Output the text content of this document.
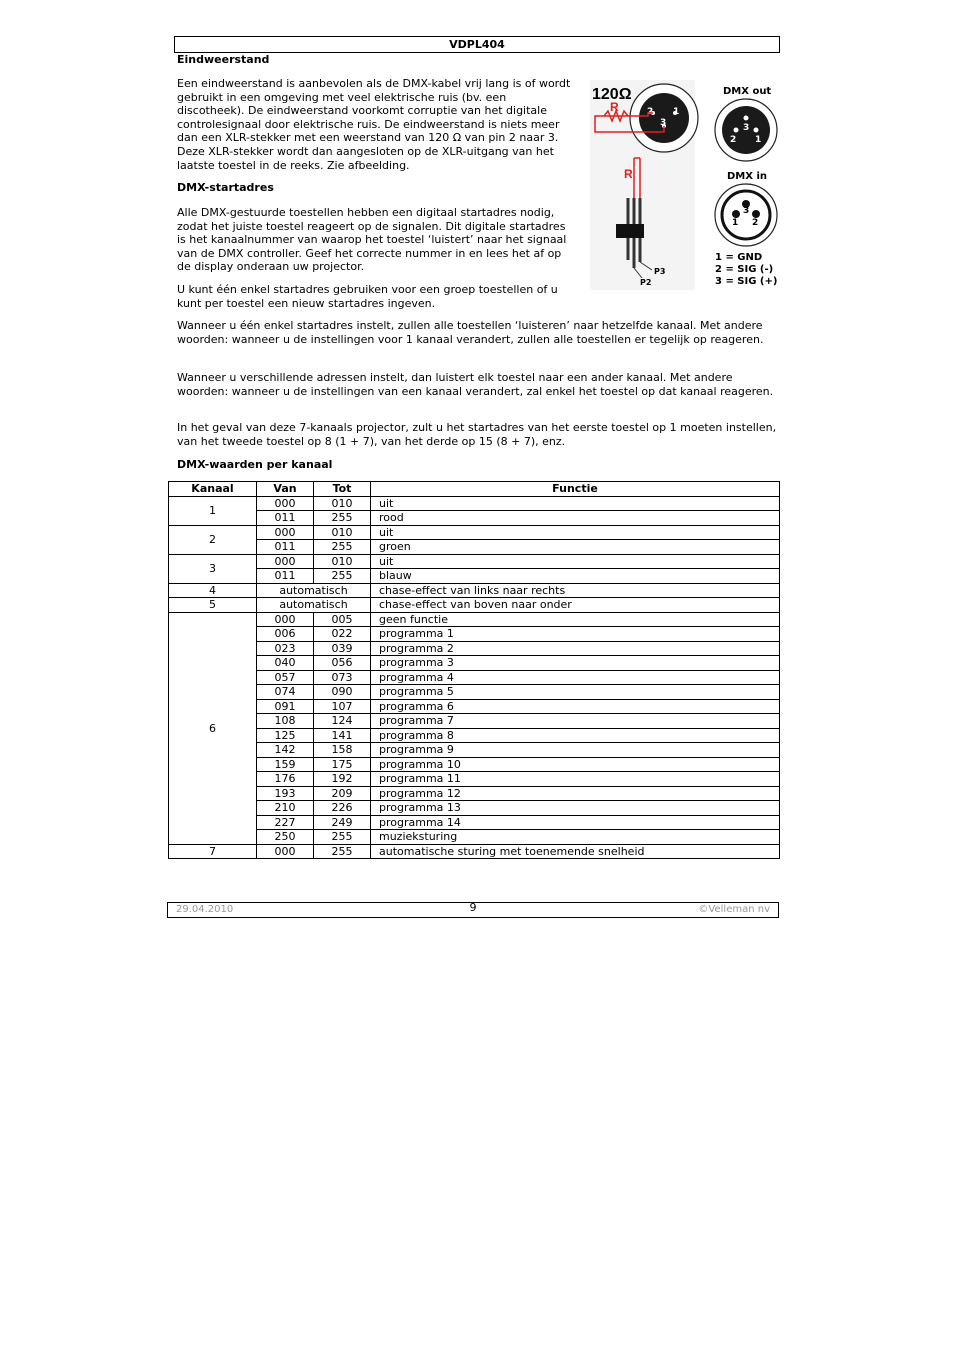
VDPL404
Eindweerstand

Een eindweerstand is aanbevolen als de DMX-kabel vrij lang is of wordt gebruikt in een omgeving met veel elektrische ruis (bv. een discotheek). De eindweerstand voorkomt corruptie van het digitale controlesignaal door elektrische ruis. De eindweerstand is niets meer dan een XLR-stekker met een weerstand van 120 Ω van pin 2 naar 3. Deze XLR-stekker wordt dan aangesloten op de XLR-uitgang van het laatste toestel in de reeks. Zie afbeelding.

DMX-startadres

Alle DMX-gestuurde toestellen hebben een digitaal startadres nodig, zodat het juiste toestel reageert op de signalen. Dit digitale startadres is het kanaalnummer van waarop het toestel ‘luistert’ naar het signaal van de DMX controller. Geef het correcte nummer in en lees het af op de display onderaan uw projector.

U kunt één enkel startadres gebruiken voor een groep toestellen of u kunt per toestel een nieuw startadres ingeven.

Wanneer u één enkel startadres instelt, zullen alle toestellen ‘luisteren’ naar hetzelfde kanaal. Met andere woorden: wanneer u de instellingen voor 1 kanaal verandert, zullen alle toestellen er tegelijk op reageren.

Wanneer u verschillende adressen instelt, dan luistert elk toestel naar een ander kanaal. Met andere woorden: wanneer u de instellingen van een kanaal verandert, zal enkel het toestel op dat kanaal reageren.

In het geval van deze 7-kanaals projector, zult u het startadres van het eerste toestel op 1 moeten instellen, van het tweede toestel op 8 (1 + 7), van het derde op 15 (8 + 7), enz.

DMX-waarden per kanaal
120Ω
R	2 1
3
R
P3
P2
DMX out
3
2 1
DMX in
3
1 2
1 = GND
2 = SIG (-)
3 = SIG (+)
Kanaal	Van	Tot	Functie
1	000	010	uit
	011	255	rood
2	000	010	uit
	011	255	groen
3	000	010	uit
	011	255	blauw
4	automatisch		chase-effect van links naar rechts
5	automatisch		chase-effect van boven naar onder
6	000	005	geen functie
	006	022	programma 1
	023	039	programma 2
	040	056	programma 3
	057	073	programma 4
	074	090	programma 5
	091	107	programma 6
	108	124	programma 7
	125	141	programma 8
	142	158	programma 9
	159	175	programma 10
	176	192	programma 11
	193	209	programma 12
	210	226	programma 13
	227	249	programma 14
	250	255	muzieksturing
7	000	255	automatische sturing met toenemende snelheid
29.04.2010	9	©Velleman nv
